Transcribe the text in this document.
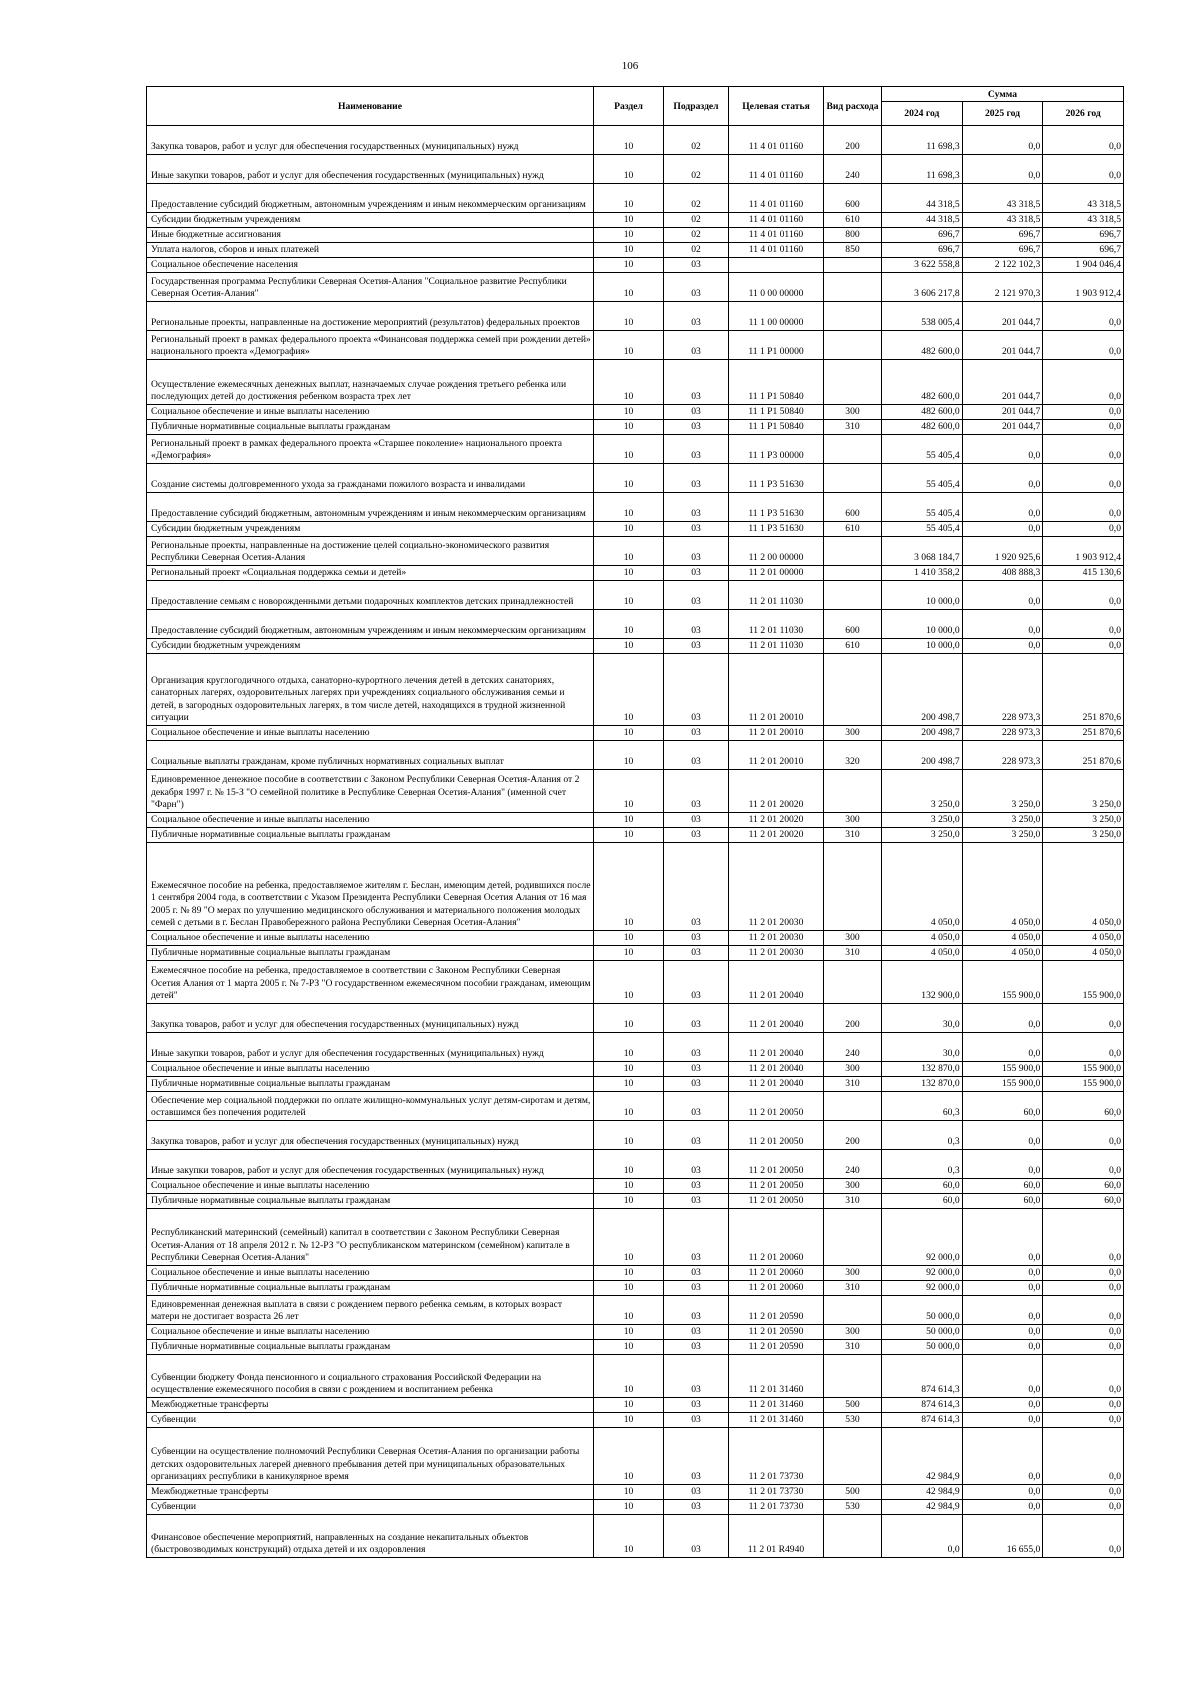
106
Наименование	Раздел	Подраздел	Целевая статья	Вид расхода	Сумма		
					2024 год	2025 год	2026 год
Закупка товаров, работ и услуг для обеспечения государственных (муниципальных) нужд	10	02	11 4 01 01160	200	11 698,3	0,0	0,0
Иные закупки товаров, работ и услуг для обеспечения государственных (муниципальных) нужд	10	02	11 4 01 01160	240	11 698,3	0,0	0,0
Предоставление субсидий бюджетным, автономным учреждениям и иным некоммерческим организациям	10	02	11 4 01 01160	600	44 318,5	43 318,5	43 318,5
Субсидии бюджетным учреждениям	10	02	11 4 01 01160	610	44 318,5	43 318,5	43 318,5
Иные бюджетные ассигнования	10	02	11 4 01 01160	800	696,7	696,7	696,7
Уплата налогов, сборов и иных платежей	10	02	11 4 01 01160	850	696,7	696,7	696,7
Социальное обеспечение населения	10	03			3 622 558,8	2 122 102,3	1 904 046,4
Государственная программа Республики Северная Осетия-Алания "Социальное развитие Республики Северная Осетия-Алания"	10	03	11 0 00 00000		3 606 217,8	2 121 970,3	1 903 912,4
Региональные проекты, направленные на достижение мероприятий (результатов) федеральных проектов	10	03	11 1 00 00000		538 005,4	201 044,7	0,0
Региональный проект в рамках федерального проекта «Финансовая поддержка семей при рождении детей» национального проекта «Демография»	10	03	11 1 P1 00000		482 600,0	201 044,7	0,0
Осуществление ежемесячных денежных выплат, назначаемых случае рождения третьего ребенка или последующих детей до достижения ребенком возраста трех лет	10	03	11 1 P1 50840		482 600,0	201 044,7	0,0
Социальное обеспечение и иные выплаты населению	10	03	11 1 P1 50840	300	482 600,0	201 044,7	0,0
Публичные нормативные социальные выплаты гражданам	10	03	11 1 P1 50840	310	482 600,0	201 044,7	0,0
Региональный проект в рамках федерального проекта «Старшее поколение» национального проекта «Демография»	10	03	11 1 P3 00000		55 405,4	0,0	0,0
Создание системы долговременного ухода за гражданами пожилого возраста и инвалидами	10	03	11 1 P3 51630		55 405,4	0,0	0,0
Предоставление субсидий бюджетным, автономным учреждениям и иным некоммерческим организациям	10	03	11 1 P3 51630	600	55 405,4	0,0	0,0
Субсидии бюджетным учреждениям	10	03	11 1 P3 51630	610	55 405,4	0,0	0,0
Региональные проекты, направленные на достижение целей социально-экономического развития Республики Северная Осетия-Алания	10	03	11 2 00 00000		3 068 184,7	1 920 925,6	1 903 912,4
Региональный проект «Социальная поддержка семьи и детей»	10	03	11 2 01 00000		1 410 358,2	408 888,3	415 130,6
Предоставление семьям с новорожденными детьми подарочных комплектов детских принадлежностей	10	03	11 2 01 11030		10 000,0	0,0	0,0
Предоставление субсидий бюджетным, автономным учреждениям и иным некоммерческим организациям	10	03	11 2 01 11030	600	10 000,0	0,0	0,0
Субсидии бюджетным учреждениям	10	03	11 2 01 11030	610	10 000,0	0,0	0,0
Организация круглогодичного отдыха, санаторно-курортного лечения детей в детских санаториях, санаторных лагерях, оздоровительных лагерях при учреждениях социального обслуживания семьи и детей, в загородных оздоровительных лагерях, в том числе детей, находящихся в трудной жизненной ситуации	10	03	11 2 01 20010		200 498,7	228 973,3	251 870,6
Социальное обеспечение и иные выплаты населению	10	03	11 2 01 20010	300	200 498,7	228 973,3	251 870,6
Социальные выплаты гражданам, кроме публичных нормативных социальных выплат	10	03	11 2 01 20010	320	200 498,7	228 973,3	251 870,6
Единовременное денежное пособие в соответствии с Законом Республики Северная Осетия-Алания от 2 декабря 1997 г. № 15-З "О семейной политике в Республике Северная Осетия-Алания" (именной счет "Фарн")	10	03	11 2 01 20020		3 250,0	3 250,0	3 250,0
Социальное обеспечение и иные выплаты населению	10	03	11 2 01 20020	300	3 250,0	3 250,0	3 250,0
Публичные нормативные социальные выплаты гражданам	10	03	11 2 01 20020	310	3 250,0	3 250,0	3 250,0
Ежемесячное пособие на ребенка, предоставляемое жителям г. Беслан, имеющим детей, родившихся после 1 сентября 2004 года, в соответствии с Указом Президента Республики Северная Осетия Алания от 16 мая 2005 г. № 89 "О мерах по улучшению медицинского обслуживания и материального положения молодых семей с детьми в г. Беслан Правобережного района Республики Северная Осетия-Алания"	10	03	11 2 01 20030		4 050,0	4 050,0	4 050,0
Социальное обеспечение и иные выплаты населению	10	03	11 2 01 20030	300	4 050,0	4 050,0	4 050,0
Публичные нормативные социальные выплаты гражданам	10	03	11 2 01 20030	310	4 050,0	4 050,0	4 050,0
Ежемесячное пособие на ребенка, предоставляемое в соответствии с Законом Республики Северная Осетия Алания от 1 марта 2005 г. № 7-РЗ "О государственном ежемесячном пособии гражданам, имеющим детей"	10	03	11 2 01 20040		132 900,0	155 900,0	155 900,0
Закупка товаров, работ и услуг для обеспечения государственных (муниципальных) нужд	10	03	11 2 01 20040	200	30,0	0,0	0,0
Иные закупки товаров, работ и услуг для обеспечения государственных (муниципальных) нужд	10	03	11 2 01 20040	240	30,0	0,0	0,0
Социальное обеспечение и иные выплаты населению	10	03	11 2 01 20040	300	132 870,0	155 900,0	155 900,0
Публичные нормативные социальные выплаты гражданам	10	03	11 2 01 20040	310	132 870,0	155 900,0	155 900,0
Обеспечение мер социальной поддержки по оплате жилищно-коммунальных услуг детям-сиротам и детям, оставшимся без попечения родителей	10	03	11 2 01 20050		60,3	60,0	60,0
Закупка товаров, работ и услуг для обеспечения государственных (муниципальных) нужд	10	03	11 2 01 20050	200	0,3	0,0	0,0
Иные закупки товаров, работ и услуг для обеспечения государственных (муниципальных) нужд	10	03	11 2 01 20050	240	0,3	0,0	0,0
Социальное обеспечение и иные выплаты населению	10	03	11 2 01 20050	300	60,0	60,0	60,0
Публичные нормативные социальные выплаты гражданам	10	03	11 2 01 20050	310	60,0	60,0	60,0
Республиканский материнский (семейный) капитал в соответствии с Законом Республики Северная Осетия-Алания от 18 апреля 2012 г. № 12-РЗ "О республиканском материнском (семейном) капитале в Республики Северная Осетия-Алания"	10	03	11 2 01 20060		92 000,0	0,0	0,0
Социальное обеспечение и иные выплаты населению	10	03	11 2 01 20060	300	92 000,0	0,0	0,0
Публичные нормативные социальные выплаты гражданам	10	03	11 2 01 20060	310	92 000,0	0,0	0,0
Единовременная денежная выплата в связи с рождением первого ребенка семьям, в которых возраст матери не достигает возраста 26 лет	10	03	11 2 01 20590		50 000,0	0,0	0,0
Социальное обеспечение и иные выплаты населению	10	03	11 2 01 20590	300	50 000,0	0,0	0,0
Публичные нормативные социальные выплаты гражданам	10	03	11 2 01 20590	310	50 000,0	0,0	0,0
Субвенции бюджету Фонда пенсионного и социального страхования Российской Федерации на осуществление ежемесячного пособия в связи с рождением и воспитанием ребенка	10	03	11 2 01 31460		874 614,3	0,0	0,0
Межбюджетные трансферты	10	03	11 2 01 31460	500	874 614,3	0,0	0,0
Субвенции	10	03	11 2 01 31460	530	874 614,3	0,0	0,0
Субвенции на осуществление полномочий Республики Северная Осетия-Алания по организации работы детских оздоровительных лагерей дневного пребывания детей при муниципальных образовательных организациях республики в каникулярное время	10	03	11 2 01 73730		42 984,9	0,0	0,0
Межбюджетные трансферты	10	03	11 2 01 73730	500	42 984,9	0,0	0,0
Субвенции	10	03	11 2 01 73730	530	42 984,9	0,0	0,0
Финансовое обеспечение мероприятий, направленных на создание некапитальных объектов (быстровозводимых конструкций) отдыха детей и их оздоровления	10	03	11 2 01 R4940		0,0	16 655,0	0,0
